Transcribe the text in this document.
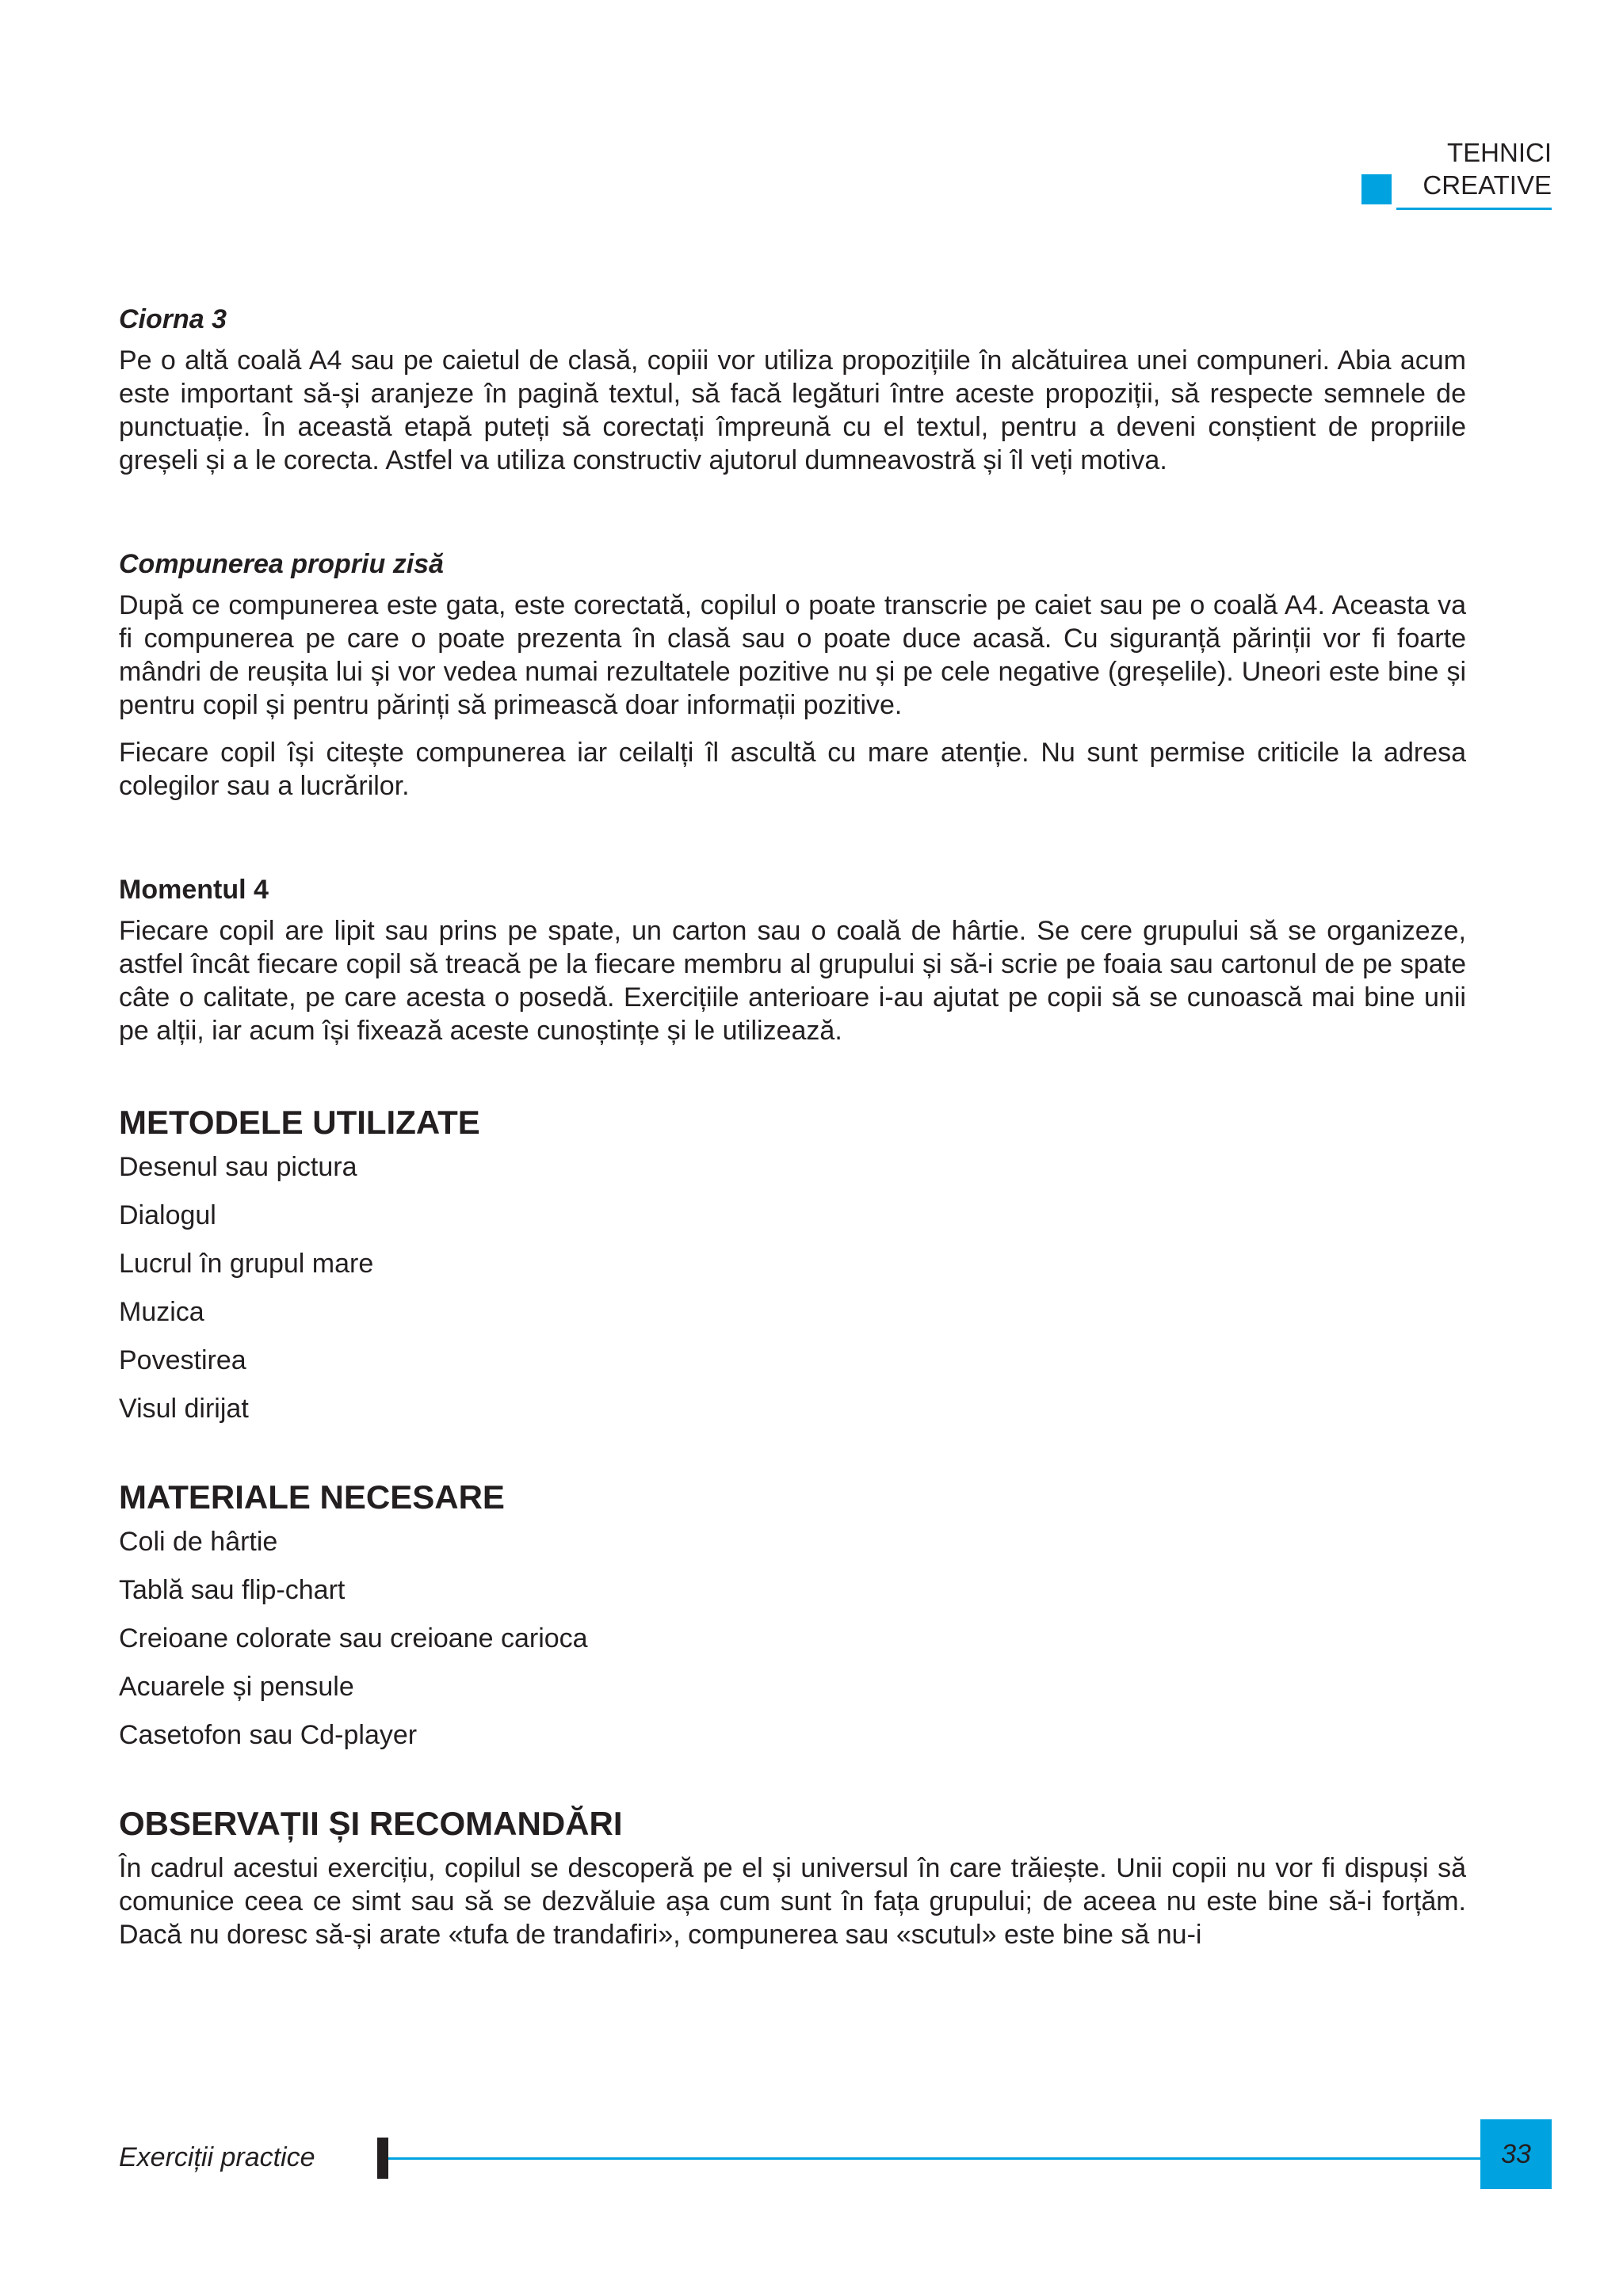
TEHNICI
CREATIVE

Ciorna 3

Pe o altă coală A4 sau pe caietul de clasă, copiii vor utiliza propozițiile în alcătuirea unei compuneri. Abia acum este important să-și aranjeze în pagină textul, să facă legături între aceste propoziții, să respecte semnele de punctuație. În această etapă puteți să corectați împreună cu el textul, pentru a deveni conștient de propriile greșeli și a le corecta. Astfel va utiliza constructiv ajutorul dumneavostră și îl veți motiva.

Compunerea propriu zisă

După ce compunerea este gata, este corectată, copilul o poate transcrie pe caiet sau pe o coală A4. Aceasta va fi compunerea pe care o poate prezenta în clasă sau o poate duce acasă. Cu siguranță părinții vor fi foarte mândri de reușita lui și vor vedea numai rezultatele pozitive nu și pe cele negative (greșelile). Uneori este bine și pentru copil și pentru părinți să primească doar informații pozitive.

Fiecare copil își citește compunerea iar ceilalți îl ascultă cu mare atenție. Nu sunt permise criticile la adresa colegilor sau a lucrărilor.

Momentul 4

Fiecare copil are lipit sau prins pe spate, un carton sau o coală de hârtie. Se cere grupului să se organizeze, astfel încât fiecare copil să treacă pe la fiecare membru al grupului și să-i scrie pe foaia sau cartonul de pe spate câte o calitate, pe care acesta o posedă. Exercițiile anterioare i-au ajutat pe copii să se cunoască mai bine unii pe alții, iar acum își fixează aceste cunoștințe și le utilizează.

METODELE UTILIZATE
Desenul sau pictura
Dialogul
Lucrul în grupul mare
Muzica
Povestirea
Visul dirijat
MATERIALE NECESARE
Coli de hârtie
Tablă sau flip-chart
Creioane colorate sau creioane carioca
Acuarele și pensule
Casetofon sau Cd-player
OBSERVAȚII ȘI RECOMANDĂRI

În cadrul acestui exercițiu, copilul se descoperă pe el și universul în care trăiește. Unii copii nu vor fi dispuși să comunice ceea ce simt sau să se dezvăluie așa cum sunt în fața grupului; de aceea nu este bine să-i forțăm. Dacă nu doresc să-și arate «tufa de trandafiri», compunerea sau «scutul» este bine să nu-i

Exerciții practice	33
